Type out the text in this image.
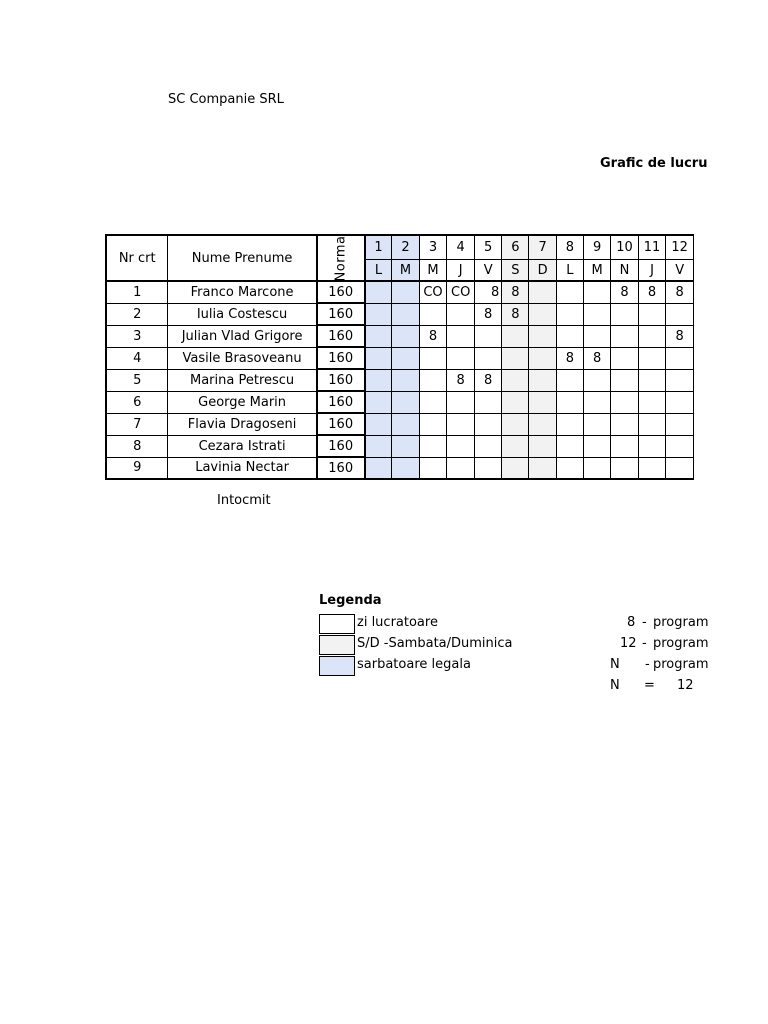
SC Companie SRL
Grafic de lucru
Nr crt	Nume Prenume	Norma	1	2	3	4	5	6	7	8	9	10	11	12
			L	M	M	J	V	S	D	L	M	N	J	V
1	Franco Marcone	160			CO	CO	8	8				8	8	8
2	Iulia Costescu	160					8	8						
3	Julian Vlad Grigore	160			8									8
4	Vasile Brasoveanu	160								8	8			
5	Marina Petrescu	160				8	8							
6	George Marin	160												
7	Flavia Dragoseni	160												
8	Cezara Istrati	160												
9	Lavinia Nectar	160												
Intocmit
Legenda
zi lucratoare
S/D -Sambata/Duminica
sarbatoare legala
8 - program
12 - program
N - program
N = 12
